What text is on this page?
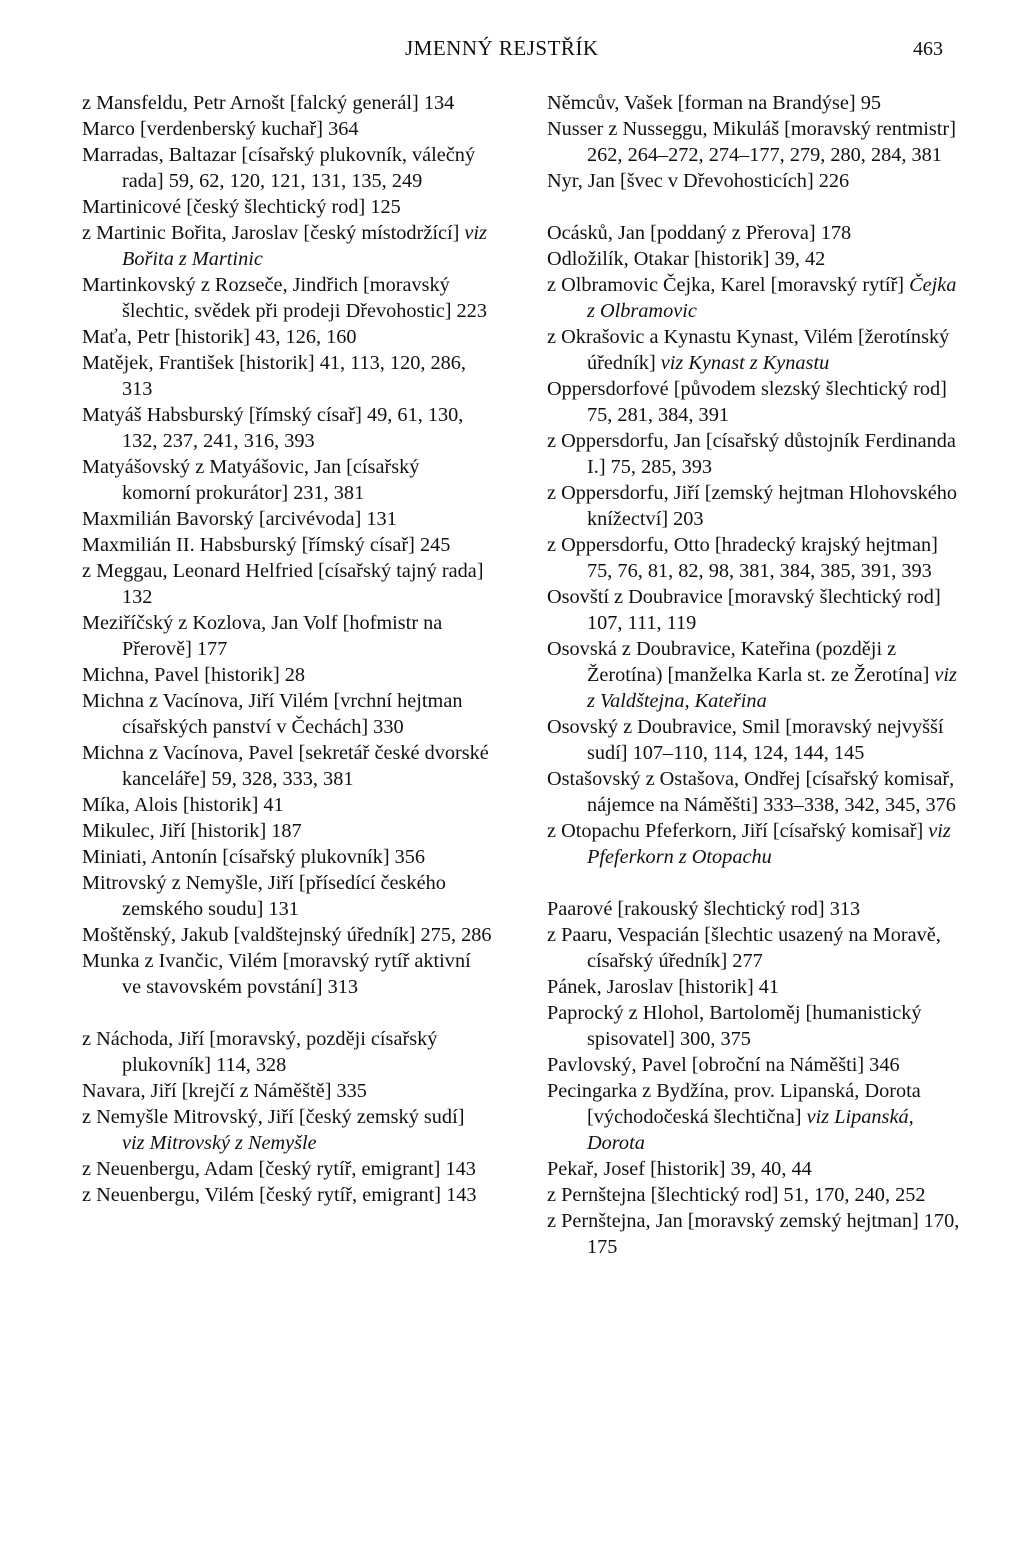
JMENNÝ REJSTŘÍK	463
z Mansfeldu, Petr Arnošt [falcký generál] 134
Marco [verdenberský kuchař] 364
Marradas, Baltazar [císařský plukovník, válečný rada] 59, 62, 120, 121, 131, 135, 249
Martinicové [český šlechtický rod] 125
z Martinic Bořita, Jaroslav [český místodržící] viz Bořita z Martinic
Martinkovský z Rozseče, Jindřich [moravský šlechtic, svědek při prodeji Dřevohostic] 223
Maťa, Petr [historik] 43, 126, 160
Matějek, František [historik] 41, 113, 120, 286, 313
Matyáš Habsburský [římský císař] 49, 61, 130, 132, 237, 241, 316, 393
Matyášovský z Matyášovic, Jan [císařský komorní prokurátor] 231, 381
Maxmilián Bavorský [arcivévoda] 131
Maxmilián II. Habsburský [římský císař] 245
z Meggau, Leonard Helfried [císařský tajný rada] 132
Meziříčský z Kozlova, Jan Volf [hofmistr na Přerově] 177
Michna, Pavel [historik] 28
Michna z Vacínova, Jiří Vilém [vrchní hejtman císařských panství v Čechách] 330
Michna z Vacínova, Pavel [sekretář české dvorské kanceláře] 59, 328, 333, 381
Míka, Alois [historik] 41
Mikulec, Jiří [historik] 187
Miniati, Antonín [císařský plukovník] 356
Mitrovský z Nemyšle, Jiří [přísedící českého zemského soudu] 131
Moštěnský, Jakub [valdštejnský úředník] 275, 286
Munka z Ivančic, Vilém [moravský rytíř aktivní ve stavovském povstání] 313
z Náchoda, Jiří [moravský, později císařský plukovník] 114, 328
Navara, Jiří [krejčí z Náměště] 335
z Nemyšle Mitrovský, Jiří [český zemský sudí] viz Mitrovský z Nemyšle
z Neuenbergu, Adam [český rytíř, emigrant] 143
z Neuenbergu, Vilém [český rytíř, emigrant] 143
Němcův, Vašek [forman na Brandýse] 95
Nusser z Nusseggu, Mikuláš [moravský rentmistr] 262, 264–272, 274–177, 279, 280, 284, 381
Nyr, Jan [švec v Dřevohosticích] 226
Ocásků, Jan [poddaný z Přerova] 178
Odložilík, Otakar [historik] 39, 42
z Olbramovic Čejka, Karel [moravský rytíř] Čejka z Olbramovic
z Okrašovic a Kynastu Kynast, Vilém [žerotínský úředník] viz Kynast z Kynastu
Oppersdorfové [původem slezský šlechtický rod] 75, 281, 384, 391
z Oppersdorfu, Jan [císařský důstojník Ferdinanda I.] 75, 285, 393
z Oppersdorfu, Jiří [zemský hejtman Hlohovského knížectví] 203
z Oppersdorfu, Otto [hradecký krajský hejtman] 75, 76, 81, 82, 98, 381, 384, 385, 391, 393
Osovští z Doubravice [moravský šlechtický rod] 107, 111, 119
Osovská z Doubravice, Kateřina (později z Žerotína) [manželka Karla st. ze Žerotína] viz z Valdštejna, Kateřina
Osovský z Doubravice, Smil [moravský nejvyšší sudí] 107–110, 114, 124, 144, 145
Ostašovský z Ostašova, Ondřej [císařský komisař, nájemce na Náměšti] 333–338, 342, 345, 376
z Otopachu Pfeferkorn, Jiří [císařský komisař] viz Pfeferkorn z Otopachu
Paarové [rakouský šlechtický rod] 313
z Paaru, Vespacián [šlechtic usazený na Moravě, císařský úředník] 277
Pánek, Jaroslav [historik] 41
Paprocký z Hlohol, Bartoloměj [humanistický spisovatel] 300, 375
Pavlovský, Pavel [obroční na Náměšti] 346
Pecingarka z Bydžína, prov. Lipanská, Dorota [východočeská šlechtična] viz Lipanská, Dorota
Pekař, Josef [historik] 39, 40, 44
z Pernštejna [šlechtický rod] 51, 170, 240, 252
z Pernštejna, Jan [moravský zemský hejtman] 170, 175
